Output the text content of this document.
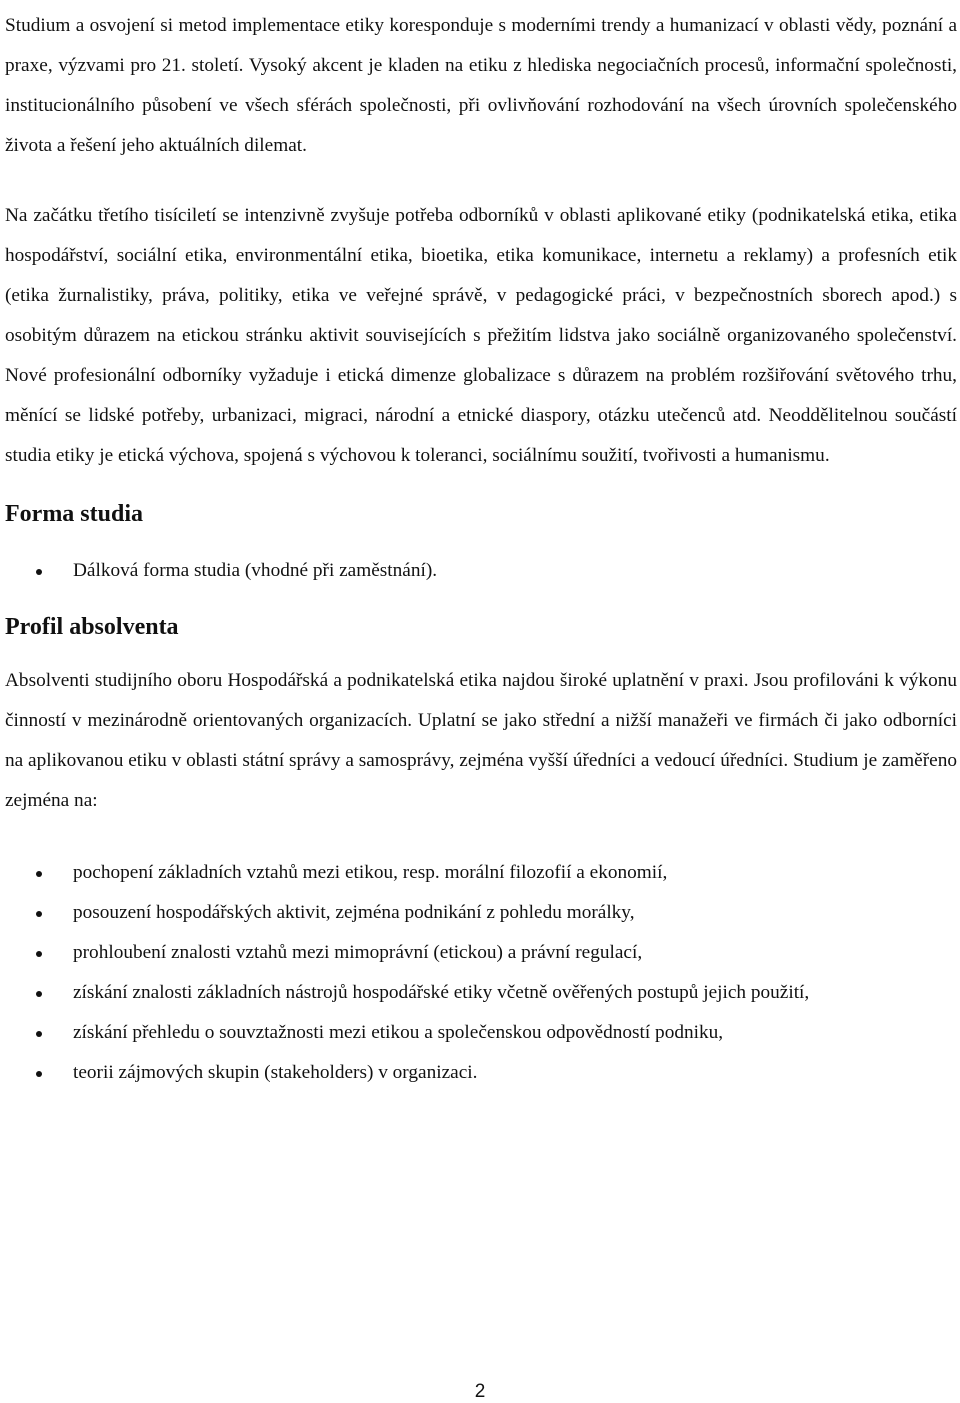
Studium a osvojení si metod implementace etiky koresponduje s moderními trendy a humanizací v oblasti vědy, poznání a praxe, výzvami pro 21. století. Vysoký akcent je kladen na etiku z hlediska negociačních procesů, informační společnosti, institucionálního působení ve všech sférách společnosti, při ovlivňování rozhodování na všech úrovních společenského života a řešení jeho aktuálních dilemat.

Na začátku třetího tisíciletí se intenzivně zvyšuje potřeba odborníků v oblasti aplikované etiky (podnikatelská etika, etika hospodářství, sociální etika, environmentální etika, bioetika, etika komunikace, internetu a reklamy) a profesních etik (etika žurnalistiky, práva, politiky, etika ve veřejné správě, v pedagogické práci, v bezpečnostních sborech apod.) s osobitým důrazem na etickou stránku aktivit souvisejících s přežitím lidstva jako sociálně organizovaného společenství. Nové profesionální odborníky vyžaduje i etická dimenze globalizace s důrazem na problém rozšiřování světového trhu, měnící se lidské potřeby, urbanizaci, migraci, národní a etnické diaspory, otázku utečenců atd. Neoddělitelnou součástí studia etiky je etická výchova, spojená s výchovou k toleranci, sociálnímu soužití, tvořivosti a humanismu.

Forma studia
Dálková forma studia (vhodné při zaměstnání).
Profil absolventa

Absolventi studijního oboru Hospodářská a podnikatelská etika najdou široké uplatnění v praxi. Jsou profilováni k výkonu činností v mezinárodně orientovaných organizacích. Uplatní se jako střední a nižší manažeři ve firmách či jako odborníci na aplikovanou etiku v oblasti státní správy a samosprávy, zejména vyšší úředníci a vedoucí úředníci. Studium je zaměřeno zejména na:

pochopení základních vztahů mezi etikou, resp. morální filozofií a ekonomií,
posouzení hospodářských aktivit, zejména podnikání z pohledu morálky,
prohloubení znalosti vztahů mezi mimoprávní (etickou) a právní regulací,
získání znalosti základních nástrojů hospodářské etiky včetně ověřených postupů jejich použití,
získání přehledu o souvztažnosti mezi etikou a společenskou odpovědností podniku,
teorii zájmových skupin (stakeholders) v organizaci.
2
